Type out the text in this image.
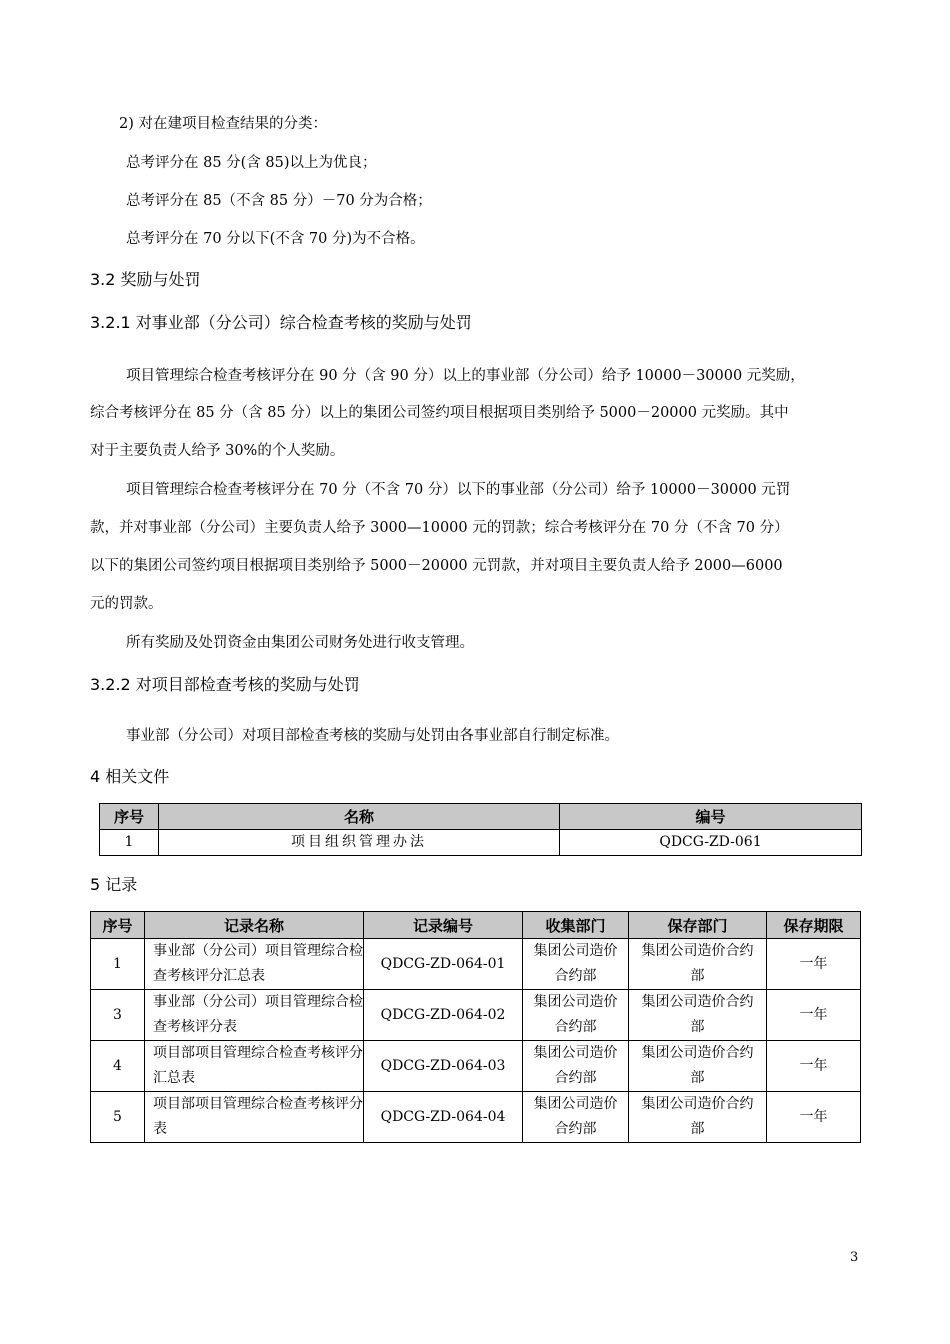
2) 对在建项目检查结果的分类：
总考评分在 85 分(含 85)以上为优良；
总考评分在 85（不含 85 分）－70 分为合格；
总考评分在 70 分以下(不含 70 分)为不合格。
3.2 奖励与处罚
3.2.1 对事业部（分公司）综合检查考核的奖励与处罚
项目管理综合检查考核评分在 90 分（含 90 分）以上的事业部（分公司）给予 10000－30000 元奖励，
综合考核评分在 85 分（含 85 分）以上的集团公司签约项目根据项目类别给予 5000－20000 元奖励。其中
对于主要负责人给予 30%的个人奖励。
项目管理综合检查考核评分在 70 分（不含 70 分）以下的事业部（分公司）给予 10000－30000 元罚
款，并对事业部（分公司）主要负责人给予 3000—10000 元的罚款；综合考核评分在 70 分（不含 70 分）
以下的集团公司签约项目根据项目类别给予 5000－20000 元罚款，并对项目主要负责人给予 2000—6000
元的罚款。
所有奖励及处罚资金由集团公司财务处进行收支管理。
3.2.2 对项目部检查考核的奖励与处罚
事业部（分公司）对项目部检查考核的奖励与处罚由各事业部自行制定标准。
4 相关文件
序号	名称	编号
1	项目组织管理办法	QDCG-ZD-061
5 记录
序号	记录名称	记录编号	收集部门	保存部门	保存期限
1	事业部（分公司）项目管理综合检查考核评分汇总表	QDCG-ZD-064-01	集团公司造价合约部	集团公司造价合约部	一年
3	事业部（分公司）项目管理综合检查考核评分表	QDCG-ZD-064-02	集团公司造价合约部	集团公司造价合约部	一年
4	项目部项目管理综合检查考核评分汇总表	QDCG-ZD-064-03	集团公司造价合约部	集团公司造价合约部	一年
5	项目部项目管理综合检查考核评分表	QDCG-ZD-064-04	集团公司造价合约部	集团公司造价合约部	一年
3
